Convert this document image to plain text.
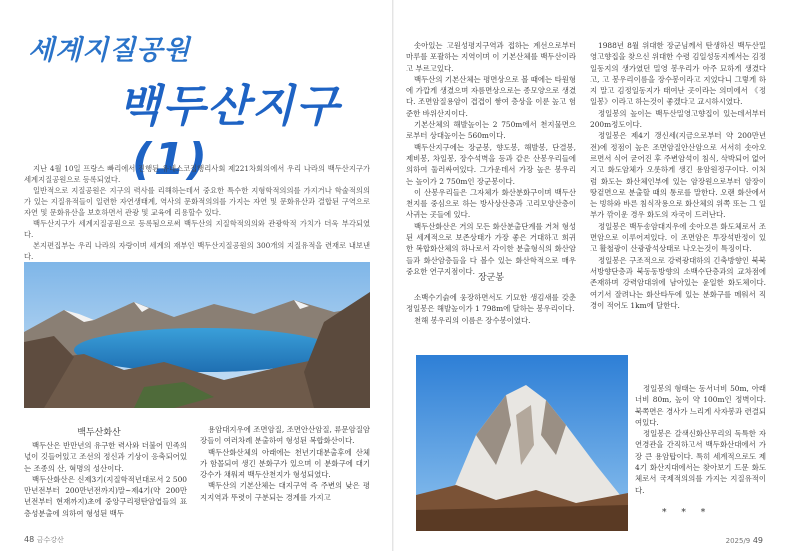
세계지질공원
백두산지구(1)

지난 4월 10일 프랑스 빠리에서 진행된 유네스코집행리사회 제221차회의에서 우리 나라의 백두산지구가 세계지질공원으로 등록되였다.

일반적으로 지질공원은 지구의 력사를 리해하는데서 중요한 특수한 지형학적의의를 가지거나 학술적의의가 있는 지질유적들이 일련한 자연생태계, 역사의 문화적의의를 가지는 자연 및 문화유산과 결합된 구역으로 자연 및 문화유산을 보호하면서 관광 및 교육에 리용할수 있다.

백두산지구가 세계지질공원으로 등록됨으로써 백두산의 지질학적의의와 관광학적 가치가 더욱 부각되였다.

본지편집부는 우리 나라의 자랑이며 세계의 재부인 백두산지질공원의 300개의 지질유적을 련재로 내보낸다.

백두산화산

백두산은 반만년의 유구한 력사와 더불어 민족의 넋이 깃들어있고 조선의 정신과 기상이 응축되어있는 조종의 산, 혁명의 성산이다.

백두산화산은 신제3기(지질학적년대로서 2 500만년전부터 200만년전까지)말~제4기(약 200만년전부터 현재까지)초에 중앙구리평탄암엽들의 표층성분출에 의하여 형성된 백두

용암대지우에 조면암질, 조면안산암질, 류문암질암장들이 여러차례 분출하여 형성된 복합화산이다.

백두산화산체의 아래에는 천년기대분출후에 산체가 함몰되여 생긴 분화구가 있으며 이 분화구에 대기강수가 채워져 백두산천지가 형성되였다.

백두산의 기본산체는 대지구역 즉 주변의 낮은 평지지역과 뚜렷이 구분되는 경계를 가지고

48 금수강산

솟아있는 고원성평지구역과 접하는 계선으로부터 마루를 포괄하는 지역이며 이 기본산체를 백두산이라고 부르고있다.

백두산의 기본산체는 평면상으로 볼 때에는 타원형에 가깝게 생겼으며 자름면상으로는 종모양으로 생겼다. 조면암질용암이 겹겹이 쌓여 층상을 이룬 높고 험준한 바위산지이다.

기본산체의 해발높이는 2 750m에서 천지물면으로부터 상대높이는 560m이다.

백두산지구에는 장군봉, 향도봉, 해발봉, 단결봉, 제비봉, 차일봉, 장수석벽을 등과 같은 산봉우리들에 의하여 둘러싸여있다. 그가운데서 가장 높은 봉우리는 높이가 2 750m인 장군봉이다.

이 산봉우리들은 그자체가 화산분화구이며 백두산천지를 중심으로 하는 방사상산층과 고리모양산층이 사귀는 곳들에 있다.

백두산화산은 거의 모든 화산분출단계를 거쳐 형성된 세계적으로 보존상태가 가장 좋은 거대하고 희귀한 복합화산체의 하나로서 각이한 분출형식의 화산암들과 화산암층들을 다 볼수 있는 화산학적으로 매우 중요한 연구지점이다.

장군봉

소백수기슭에 웅장하면서도 기묘한 생김새를 갖춘 정일봉은 해발높이가 1 798m에 달하는 봉우리이다.

천해 봉우리의 이름은 장수봉이였다.

1988년 8월 위대한 장군님께서 탄생하신 백두산밀영고향집을 찾으신 위대한 수령 김일성동지께서는 김정일동지의 생가였던 밀영 봉우리가 아주 묘하게 생겼다고, 고 봉우리이름을 장수봉이라고 지었다니 그렇게 하지 말고 김정일동지가 태여난 곳이라는 의미에서 《정일봉》이라고 하는것이 좋겠다고 교시하시였다.

정일봉의 높이는 백두산밀영고향집이 있는데서부터 200m정도이다.

정일봉은 제4기 갱신세(지금으로부터 약 200만년전)에 정점이 높은 조면암질안산암으로 서서히 솟아오르면서 식어 굳어진 후 주변암석이 침식, 삭박되어 없어지고 화도암체가 오롯하게 생긴 용암원정구이다. 이처럼 화도는 화산체인부에 있는 암장원으로부터 암장이 땅겉면으로 분출할 때의 통로를 말한다. 오랜 화산에서는 빙하와 바른 침식작용으로 화산체의 위쪽 또는 그 일부가 깎이운 경우 화도의 자국이 드러난다.

정일봉은 백두송암대지우에 솟아오른 화도체로서 조면암으로 이루어져있다. 이 조면암은 투장석반정이 있고 활철광이 산광광석상태로 나오는것이 특징이다.

정일봉은 구조적으로 강력광대하의 긴축방향인 북북서방향단층과 북동동방향의 소백수단층과의 교차점에 존재하며 강력암대위에 남아있는 윤일한 화도체이다. 여기서 잘려나는 화산타두에 있는 분화구를 메워서 직경이 적어도 1km에 달한다.

정일봉의 형태는 동서너비 50m, 아래너비 80m, 높이 약 100m인 정벽이다. 북쪽면은 경사가 느리게 사자봉과 련결되여있다.

정일봉은 갈색신화산무리의 독특한 자연경관을 간직하고서 백두화산대에서 가장 큰 용암탑이다. 특히 세계적으로도 제4기 화산지대에서는 찾아보기 드문 화도체로서 국제적의의를 가지는 지질유적이다.

* * *
2025/9 49
